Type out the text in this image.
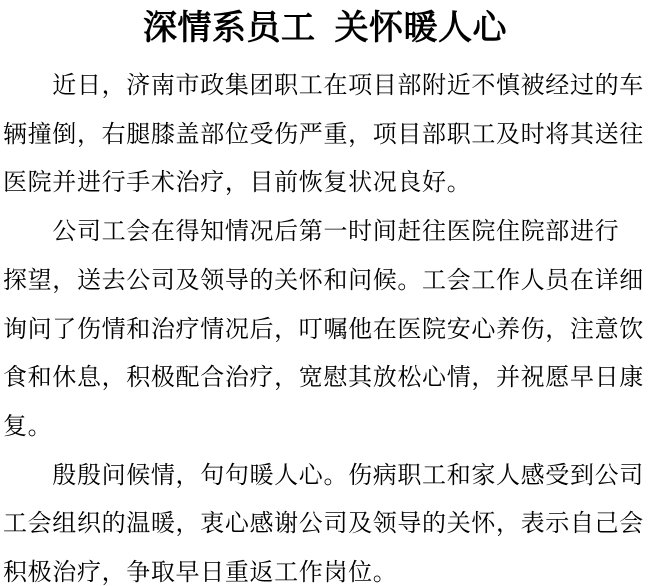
深情系员工 关怀暖人心
　　近日，济南市政集团职工在项目部附近不慎被经过的车
辆撞倒，右腿膝盖部位受伤严重，项目部职工及时将其送往
医院并进行手术治疗，目前恢复状况良好。
　　公司工会在得知情况后第一时间赶往医院住院部进行
探望，送去公司及领导的关怀和问候。工会工作人员在详细
询问了伤情和治疗情况后，叮嘱他在医院安心养伤，注意饮
食和休息，积极配合治疗，宽慰其放松心情，并祝愿早日康
复。
　　殷殷问候情，句句暖人心。伤病职工和家人感受到公司
工会组织的温暖，衷心感谢公司及领导的关怀，表示自己会
积极治疗，争取早日重返工作岗位。
